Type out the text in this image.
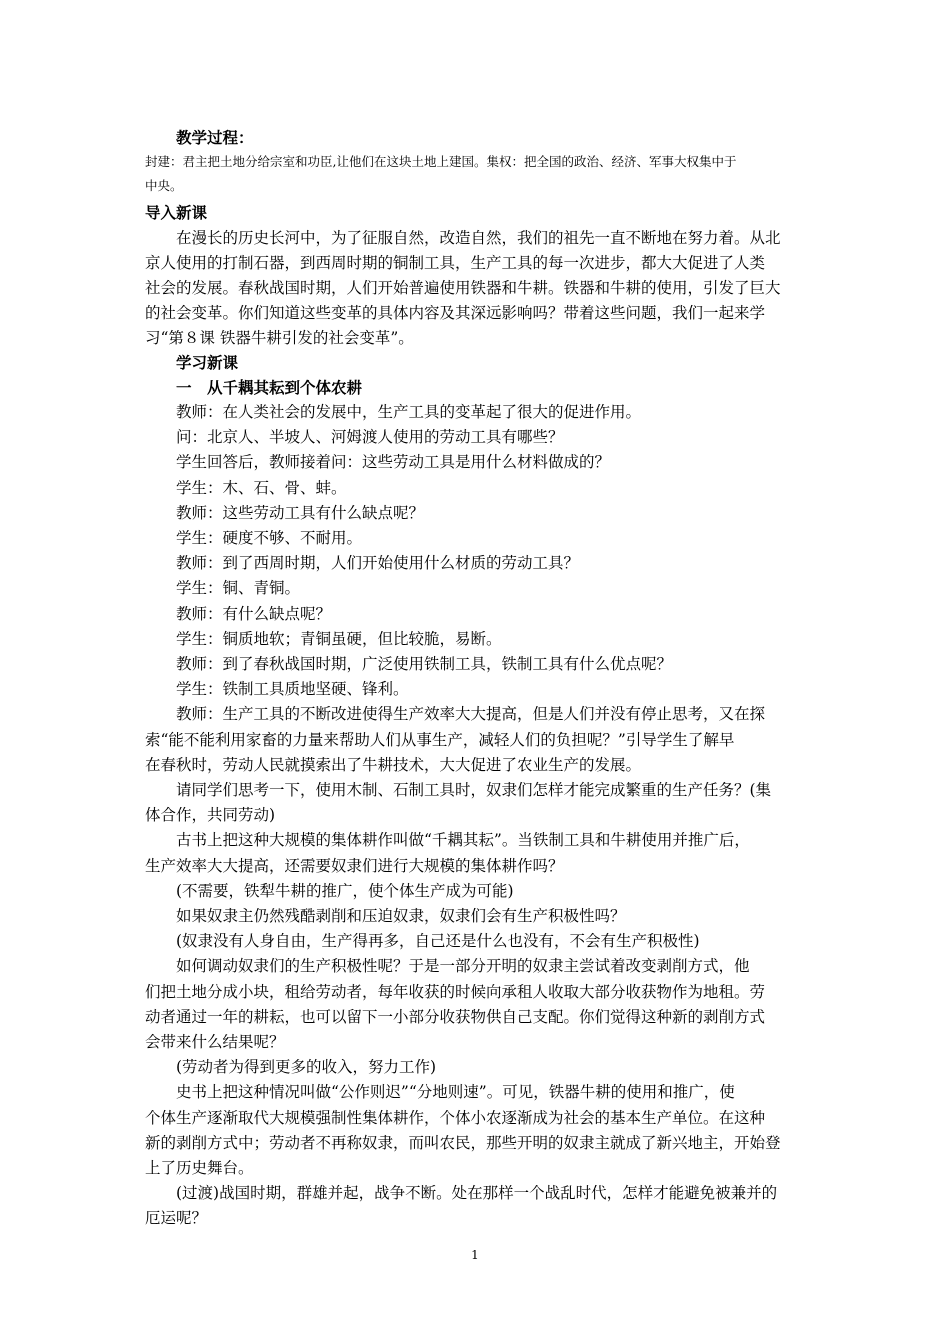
教学过程：
封建：君主把土地分给宗室和功臣,让他们在这块土地上建国。集权：把全国的政治、经济、军事大权集中于
中央。
导入新课
在漫长的历史长河中，为了征服自然，改造自然，我们的祖先一直不断地在努力着。从北
京人使用的打制石器，到西周时期的铜制工具，生产工具的每一次进步，都大大促进了人类
社会的发展。春秋战国时期，人们开始普遍使用铁器和牛耕。铁器和牛耕的使用，引发了巨大
的社会变革。你们知道这些变革的具体内容及其深远影响吗？带着这些问题，我们一起来学
习“第８课 铁器牛耕引发的社会变革”。
学习新课
一　从千耦其耘到个体农耕
教师：在人类社会的发展中，生产工具的变革起了很大的促进作用。
问：北京人、半坡人、河姆渡人使用的劳动工具有哪些？
学生回答后，教师接着问：这些劳动工具是用什么材料做成的？
学生：木、石、骨、蚌。
教师：这些劳动工具有什么缺点呢？
学生：硬度不够、不耐用。
教师：到了西周时期，人们开始使用什么材质的劳动工具？
学生：铜、青铜。
教师：有什么缺点呢？
学生：铜质地软；青铜虽硬，但比较脆，易断。
教师：到了春秋战国时期，广泛使用铁制工具，铁制工具有什么优点呢？
学生：铁制工具质地坚硬、锋利。
教师：生产工具的不断改进使得生产效率大大提高，但是人们并没有停止思考，又在探
索“能不能利用家畜的力量来帮助人们从事生产，减轻人们的负担呢？”引导学生了解早
在春秋时，劳动人民就摸索出了牛耕技术，大大促进了农业生产的发展。
请同学们思考一下，使用木制、石制工具时，奴隶们怎样才能完成繁重的生产任务？(集
体合作，共同劳动)
古书上把这种大规模的集体耕作叫做“千耦其耘”。当铁制工具和牛耕使用并推广后，
生产效率大大提高，还需要奴隶们进行大规模的集体耕作吗？
(不需要，铁犁牛耕的推广，使个体生产成为可能)
如果奴隶主仍然残酷剥削和压迫奴隶，奴隶们会有生产积极性吗？
(奴隶没有人身自由，生产得再多，自己还是什么也没有，不会有生产积极性)
如何调动奴隶们的生产积极性呢？于是一部分开明的奴隶主尝试着改变剥削方式，他
们把土地分成小块，租给劳动者，每年收获的时候向承租人收取大部分收获物作为地租。劳
动者通过一年的耕耘，也可以留下一小部分收获物供自己支配。你们觉得这种新的剥削方式
会带来什么结果呢？
(劳动者为得到更多的收入，努力工作)
史书上把这种情况叫做“公作则迟”“分地则速”。可见，铁器牛耕的使用和推广，使
个体生产逐渐取代大规模强制性集体耕作，个体小农逐渐成为社会的基本生产单位。在这种
新的剥削方式中；劳动者不再称奴隶，而叫农民，那些开明的奴隶主就成了新兴地主，开始登
上了历史舞台。
(过渡)战国时期，群雄并起，战争不断。处在那样一个战乱时代，怎样才能避免被兼并的
厄运呢？
1
